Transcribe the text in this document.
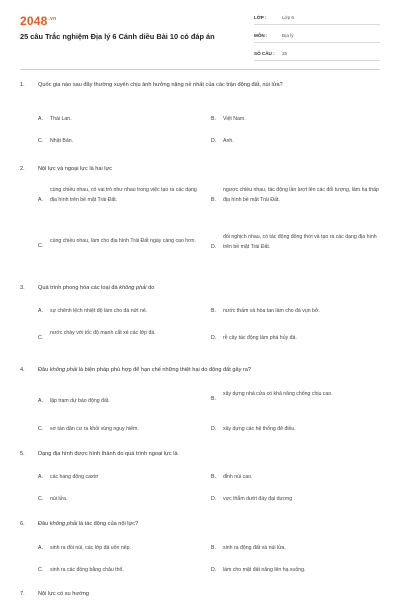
$2048^{.vn}$
25 câu Trắc nghiệm Địa lý 6 Cánh diều Bài 10 có đáp án
LỚP :	Lớp 6
MÔN :	Địa lý
SỐ CÂU :	25
1. Quốc gia nào sau đây thường xuyên chịu ảnh hưởng nặng nề nhất của các trận động đất, núi lửa?
A.	Thái Lan.	B.	Việt Nam.
C.	Nhật Bản.	D.	Anh.
2. Nội lực và ngoại lực là hai lực
A.
cùng chiều nhau, có vai trò như nhau trong việc tạo ra các dạng địa hình trên bề mặt Trái Đất.	B.
ngược chiều nhau, tác động lần lượt lên các đối tượng, làm hạ thấp địa hình bề mặt Trái Đất.
C.
cùng chiều nhau, làm cho địa hình Trái Đất ngày càng cao hơn.
D.
đối nghịch nhau, có tác động đồng thời và tạo ra các dạng địa hình trên bề mặt Trái Đất.
3. Quá trình phong hóa các loại đá không phải do
A.	sự chênh lệch nhiệt độ làm cho đá nứt nẻ.	B.	nước thấm và hòa tan làm cho đá vụn bở.
C.
nước chảy với tốc độ mạnh cắt xẻ các lớp đá.
D.	rễ cây tác động làm phá hủy đá.
4. Đâu không phải là biện pháp phù hợp để hạn chế những thiệt hại do động đất gây ra?
A.	lập trạm dự báo động đất.	B.
xây dựng nhà cửa có khả năng chống chịu cao.
C.	sơ tán dân cư ra khỏi vùng nguy hiểm.	D.	xây dựng các hệ thống đê điều.
5. Dạng địa hình được hình thành do quá trình ngoại lực là
A.	các hang động caxtơ	B.	đỉnh núi cao.
C.	núi lửa.	D.	vực thẳm dưới đáy đại dương
6. Đâu không phải là tác động của nội lực?
A.	sinh ra đồi núi, các lớp đá uốn nếp.	B.	sinh ra động đất và núi lửa.
C.	sinh ra các đồng bằng châu thổ.	D.	làm cho mặt đất nâng lên hạ xuống.
7. Nội lực có xu hướng
